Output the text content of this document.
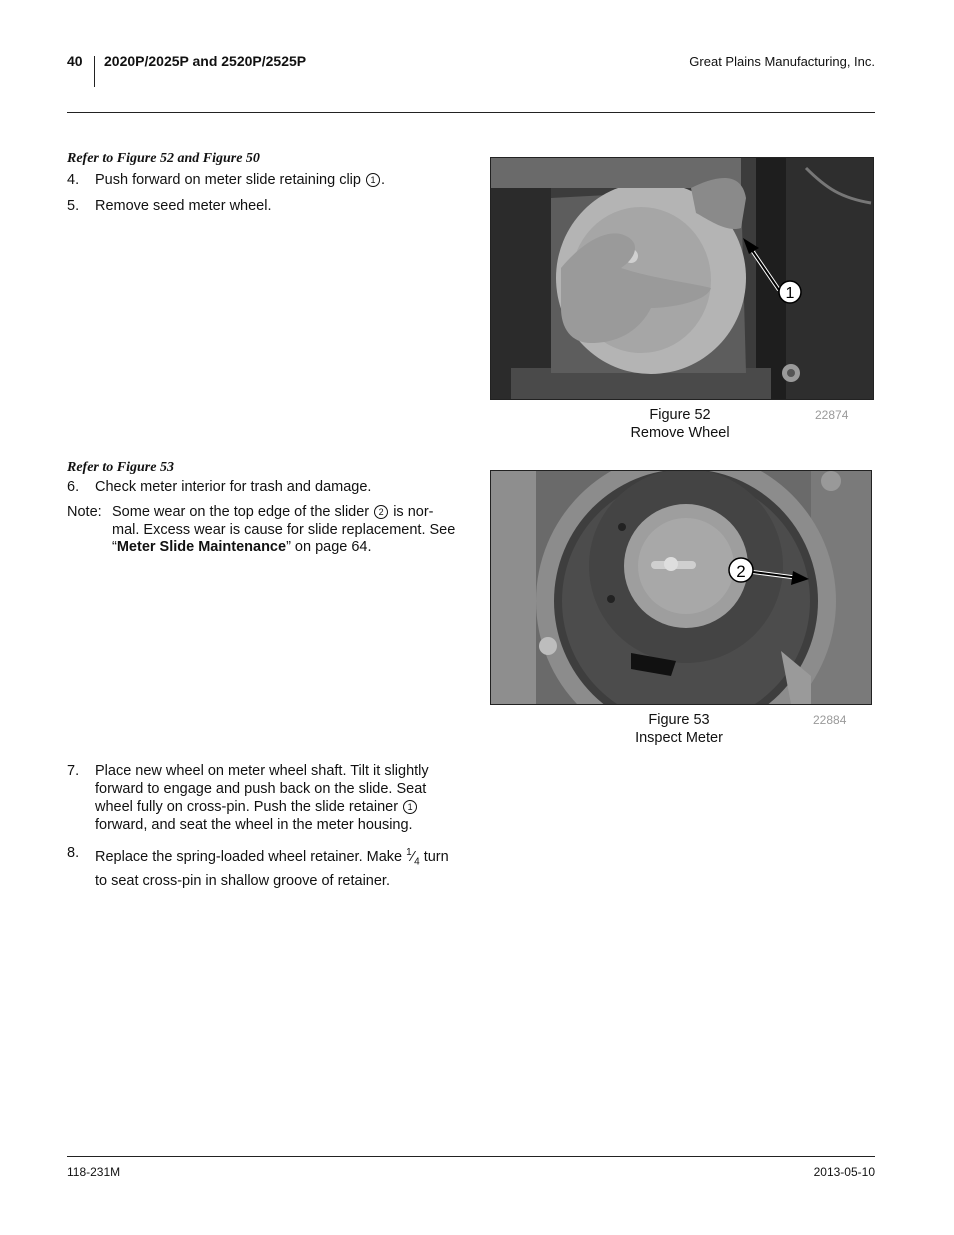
40 2020P/2025P and 2520P/2525P	Great Plains Manufacturing, Inc.
Refer to Figure 52 and Figure 50
4. Push forward on meter slide retaining clip 1 .
5. Remove seed meter wheel.
1
Figure 52
Remove Wheel
22874
Refer to Figure 53
6. Check meter interior for trash and damage.
Note: Some wear on the top edge of the slider 2 is nor-mal. Excess wear is cause for slide replacement. See “Meter Slide Maintenance” on page 64.
2
Figure 53
Inspect Meter
22884
7. Place new wheel on meter wheel shaft. Tilt it slightly forward to engage and push back on the slide. Seat wheel fully on cross-pin. Push the slide retainer 1 forward, and seat the wheel in the meter housing.
8. Replace the spring-loaded wheel retainer. Make $^1⁄_4$ turn to seat cross-pin in shallow groove of retainer.
118-231M	2013-05-10
